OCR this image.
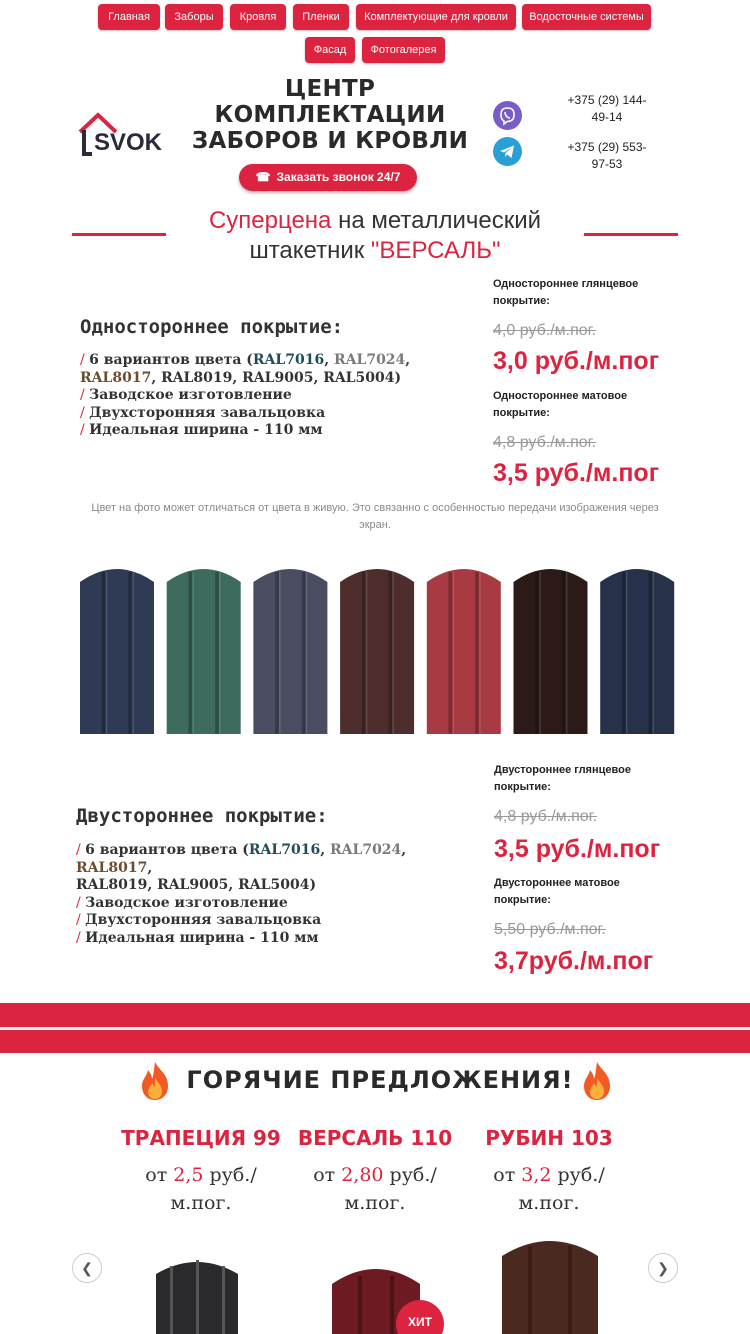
Главная	Заборы	Кровля	Пленки	Комплектующие для кровли	Водосточные системы
Фасад	Фотогалерея
SVOK
ЦЕНТР КОМПЛЕКТАЦИИ ЗАБОРОВ И КРОВЛИ
☎ Заказать звонок 24/7
+375 (29) 144-49-14
+375 (29) 553-97-53
Суперцена на металлический штакетник "ВЕРСАЛЬ"
Одностороннее покрытие:
/ 6 вариантов цвета (RAL7016, RAL7024,
RAL8017, RAL8019, RAL9005, RAL5004)
/ Заводское изготовление
/ Двухсторонняя завальцовка
/ Идеальная ширина - 110 мм
Одностороннее глянцевое покрытие:
4,0 руб./м.пог.
3,0 руб./м.пог
Одностороннее матовое покрытие:
4,8 руб./м.пог.
3,5 руб./м.пог
Цвет на фото может отличаться от цвета в живую. Это связанно с особенностью передачи изображения через экран.
Двустороннее покрытие:
/ 6 вариантов цвета (RAL7016, RAL7024, RAL8017,
RAL8019, RAL9005, RAL5004)
/ Заводское изготовление
/ Двухсторонняя завальцовка
/ Идеальная ширина - 110 мм
Двустороннее глянцевое покрытие:
4,8 руб./м.пог.
3,5 руб./м.пог
Двустороннее матовое покрытие:
5,50 руб./м.пог.
3,7руб./м.пог
ГОРЯЧИЕ ПРЕДЛОЖЕНИЯ!
ТРАПЕЦИЯ 99 ВЕРСАЛЬ 110	РУБИН 103
от 2,5 руб./ м.пог.
от 2,80 руб./ м.пог.
от 3,2 руб./ м.пог.
❮	❯
ХИТ
